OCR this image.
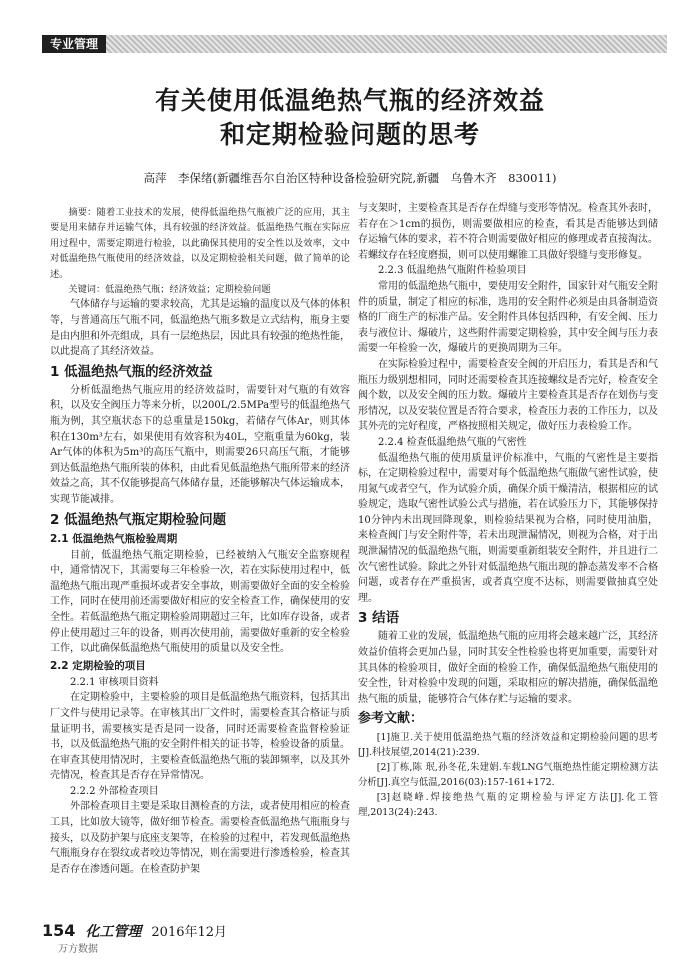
专业管理
有关使用低温绝热气瓶的经济效益
和定期检验问题的思考
高萍　李保绪(新疆维吾尔自治区特种设备检验研究院,新疆　乌鲁木齐　830011)

摘要：随着工业技术的发展，使得低温绝热气瓶被广泛的应用，其主要是用来储存并运输气体，具有较强的经济效益。低温绝热气瓶在实际应用过程中，需要定期进行检验，以此确保其使用的安全性以及效率，文中对低温绝热气瓶使用的经济效益，以及定期检验相关问题，做了简单的论述。

关键词：低温绝热气瓶；经济效益；定期检验问题

气体储存与运输的要求较高，尤其是运输的温度以及气体的体积等，与普通高压气瓶不同，低温绝热气瓶多数是立式结构，瓶身主要是由内胆和外壳组成，具有一层绝热层，因此具有较强的绝热性能，以此提高了其经济效益。

1 低温绝热气瓶的经济效益

分析低温绝热气瓶应用的经济效益时，需要针对气瓶的有效容积，以及安全阀压力等来分析，以200L/2.5MPa型号的低温绝热气瓶为例，其空瓶状态下的总重量是150kg，若储存气体Ar，则其体积在130m³左右，如果使用有效容积为40L，空瓶重量为60kg，装Ar气体的体积为5m³的高压气瓶中，则需要26只高压气瓶，才能够到达低温绝热气瓶所装的体积，由此看见低温绝热气瓶所带来的经济效益之高，其不仅能够提高气体储存量，还能够解决气体运输成本，实现节能减排。

2 低温绝热气瓶定期检验问题
2.1 低温绝热气瓶检验周期

目前，低温绝热气瓶定期检验，已经被纳入气瓶安全监察规程中，通常情况下，其需要每三年检验一次，若在实际使用过程中，低温绝热气瓶出现严重损坏或者安全事故，则需要做好全面的安全检验工作，同时在使用前还需要做好相应的安全检查工作，确保使用的安全性。若低温绝热气瓶定期检验周期超过三年，比如库存设备，或者停止使用超过三年的设备，则再次使用前，需要做好重新的安全检验工作，以此确保低温绝热气瓶使用的质量以及安全性。

2.2 定期检验的项目
2.2.1 审核项目资料

在定期检验中，主要检验的项目是低温绝热气瓶资料，包括其出厂文件与使用记录等。在审核其出厂文件时，需要检查其合格证与质量证明书，需要核实是否是同一设备，同时还需要检查监督检验证书，以及低温绝热气瓶的安全附件相关的证书等，检验设备的质量。在审查其使用情况时，主要检查低温绝热气瓶的装卸频率，以及其外壳情况，检查其是否存在异常情况。

2.2.2 外部检查项目

外部检查项目主要是采取目测检查的方法，或者使用相应的检查工具，比如放大镜等，做好细节检查。需要检查低温绝热气瓶瓶身与接头，以及防护架与底座支架等，在检验的过程中，若发现低温绝热气瓶瓶身存在裂纹或者咬边等情况，则在需要进行渗透检验，检查其是否存在渗透问题。在检查防护架

与支架时，主要检查其是否存在焊缝与变形等情况。检查其外表时，若存在＞1cm的损伤，则需要做相应的检查，看其是否能够达到储存运输气体的要求，若不符合则需要做好相应的修理或者直接淘汰。若螺纹存在轻度磨损，则可以使用螺锥工具做好裂缝与变形修复。

2.2.3 低温绝热气瓶附件检验项目

常用的低温绝热气瓶中，要使用安全附件，国家针对气瓶安全附件的质量，制定了相应的标准，选用的安全附件必须是由具备制造资格的厂商生产的标准产品。安全附件具体包括四种，有安全阀、压力表与液位计、爆破片，这些附件需要定期检验，其中安全阀与压力表需要一年检验一次，爆破片的更换周期为三年。

在实际检验过程中，需要检查安全阀的开启压力，看其是否和气瓶压力级别想相同，同时还需要检查其连接螺纹是否完好，检查安全阀个数，以及安全阀的压力数。爆破片主要检查其是否存在划伤与变形情况，以及安装位置是否符合要求，检查压力表的工作压力，以及其外壳的完好程度，严格按照相关规定，做好压力表检验工作。

2.2.4 检查低温绝热气瓶的气密性

低温绝热气瓶的使用质量评价标准中，气瓶的气密性是主要指标，在定期检验过程中，需要对每个低温绝热气瓶做气密性试验，使用氮气或者空气，作为试验介质，确保介质干燥清洁，根据相应的试验规定，选取气密性试验公式与措施，若在试验压力下，其能够保持10分钟内未出现回降现象，则检验结果视为合格，同时使用油脂，来检查阀门与安全附件等，若未出现泄漏情况，则视为合格，对于出现泄漏情况的低温绝热气瓶，则需要重新组装安全附件，并且进行二次气密性试验。除此之外针对低温绝热气瓶出现的静态蒸发率不合格问题，或者存在严重损害，或者真空度不达标，则需要做抽真空处理。

3 结语

随着工业的发展，低温绝热气瓶的应用将会越来越广泛，其经济效益价值将会更加凸显，同时其安全性检验也将更加重要，需要针对其具体的检验项目，做好全面的检验工作，确保低温绝热气瓶使用的安全性，针对检验中发现的问题，采取相应的解决措施，确保低温绝热气瓶的质量，能够符合气体存贮与运输的要求。

参考文献：

[1]施卫.关于使用低温绝热气瓶的经济效益和定期检验问题的思考[J].科技展望,2014(21):239.

[2]丁栋,陈 珉,孙冬花,朱建娟.车载LNG气瓶绝热性能定期检测方法分析[J].真空与低温,2016(03):157-161+172.

[3]赵晓峰.焊接绝热气瓶的定期检验与评定方法[J].化工管理,2013(24):243.

154 化工管理 2016年12月
万方数据
